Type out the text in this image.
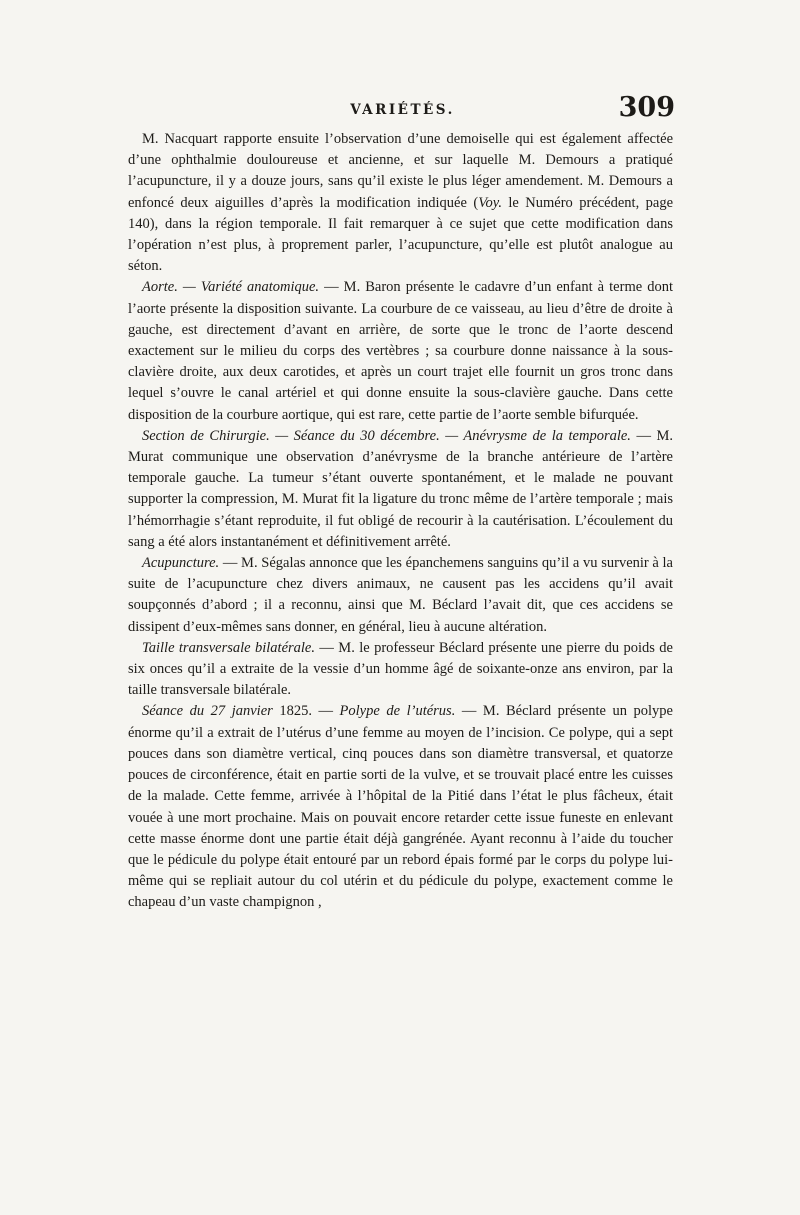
VARIÉTÉS.	309

M. Nacquart rapporte ensuite l’observation d’une demoiselle qui est également affectée d’une ophthalmie douloureuse et ancienne, et sur laquelle M. Demours a pratiqué l’acupuncture, il y a douze jours, sans qu’il existe le plus léger amendement. M. Demours a enfoncé deux aiguilles d’après la modification indiquée (Voy. le Numéro précédent, page 140), dans la région temporale. Il fait remarquer à ce sujet que cette modification dans l’opération n’est plus, à proprement parler, l’acupuncture, qu’elle est plutôt analogue au séton.

Aorte. — Variété anatomique. — M. Baron présente le cadavre d’un enfant à terme dont l’aorte présente la disposition suivante. La courbure de ce vaisseau, au lieu d’être de droite à gauche, est directement d’avant en arrière, de sorte que le tronc de l’aorte descend exactement sur le milieu du corps des vertèbres ; sa courbure donne naissance à la sous-clavière droite, aux deux carotides, et après un court trajet elle fournit un gros tronc dans lequel s’ouvre le canal artériel et qui donne ensuite la sous-clavière gauche. Dans cette disposition de la courbure aortique, qui est rare, cette partie de l’aorte semble bifurquée.

Section de Chirurgie. — Séance du 30 décembre. — Anévrysme de la temporale. — M. Murat communique une observation d’anévrysme de la branche antérieure de l’artère temporale gauche. La tumeur s’étant ouverte spontanément, et le malade ne pouvant supporter la compression, M. Murat fit la ligature du tronc même de l’artère temporale ; mais l’hémorrhagie s’étant reproduite, il fut obligé de recourir à la cautérisation. L’écoulement du sang a été alors instantanément et définitivement arrêté.

Acupuncture. — M. Ségalas annonce que les épanchemens sanguins qu’il a vu survenir à la suite de l’acupuncture chez divers animaux, ne causent pas les accidens qu’il avait soupçonnés d’abord ; il a reconnu, ainsi que M. Béclard l’avait dit, que ces accidens se dissipent d’eux-mêmes sans donner, en général, lieu à aucune altération.

Taille transversale bilatérale. — M. le professeur Béclard présente une pierre du poids de six onces qu’il a extraite de la vessie d’un homme âgé de soixante-onze ans environ, par la taille transversale bilatérale.

Séance du 27 janvier 1825. — Polype de l’utérus. — M. Béclard présente un polype énorme qu’il a extrait de l’utérus d’une femme au moyen de l’incision. Ce polype, qui a sept pouces dans son diamètre vertical, cinq pouces dans son diamètre transversal, et quatorze pouces de circonférence, était en partie sorti de la vulve, et se trouvait placé entre les cuisses de la malade. Cette femme, arrivée à l’hôpital de la Pitié dans l’état le plus fâcheux, était vouée à une mort prochaine. Mais on pouvait encore retarder cette issue funeste en enlevant cette masse énorme dont une partie était déjà gangrénée. Ayant reconnu à l’aide du toucher que le pédicule du polype était entouré par un rebord épais formé par le corps du polype lui-même qui se repliait autour du col utérin et du pédicule du polype, exactement comme le chapeau d’un vaste champignon ,
